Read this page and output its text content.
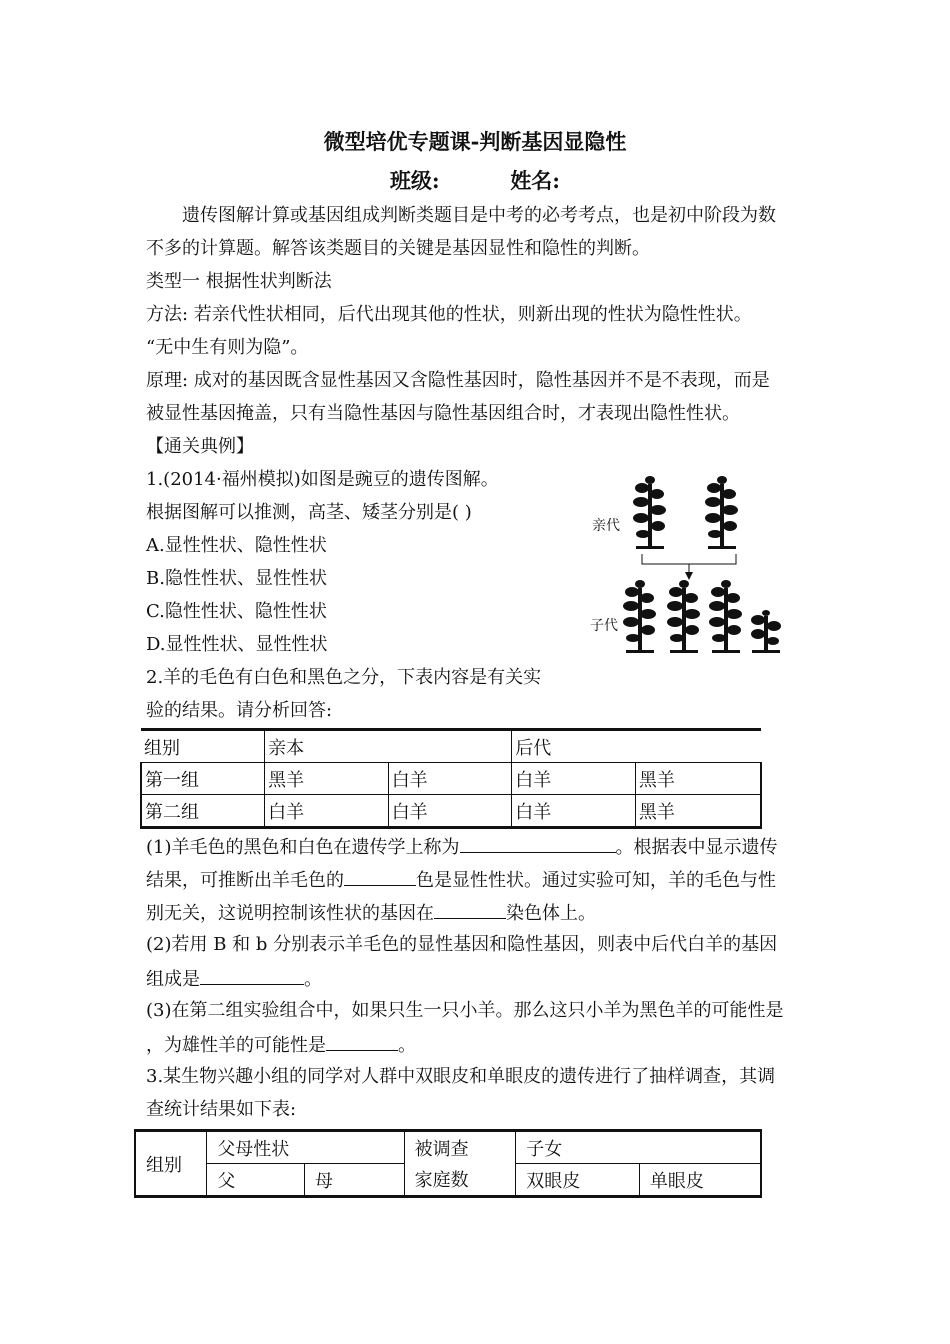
微型培优专题课-判断基因显隐性
班级:	姓名:
遗传图解计算或基因组成判断类题目是中考的必考考点，也是初中阶段为数
不多的计算题。解答该类题目的关键是基因显性和隐性的判断。
类型一 根据性状判断法
方法: 若亲代性状相同，后代出现其他的性状，则新出现的性状为隐性性状。
“无中生有则为隐”。
原理: 成对的基因既含显性基因又含隐性基因时，隐性基因并不是不表现，而是
被显性基因掩盖，只有当隐性基因与隐性基因组合时，才表现出隐性性状。
【通关典例】
1.(2014·福州模拟)如图是豌豆的遗传图解。
根据图解可以推测，高茎、矮茎分别是( )
A.显性性状、隐性性状
B.隐性性状、显性性状
C.隐性性状、隐性性状
D.显性性状、显性性状
亲代
子代
2.羊的毛色有白色和黑色之分，下表内容是有关实
验的结果。请分析回答:
组别	亲本		后代	
第一组	黑羊	白羊	白羊	黑羊
第二组	白羊	白羊	白羊	黑羊
(1)羊毛色的黑色和白色在遗传学上称为	。根据表中显示遗传
结果，可推断出羊毛色的	色是显性性状。通过实验可知，羊的毛色与性
别无关，这说明控制该性状的基因在	染色体上。
(2)若用 B 和 b 分别表示羊毛色的显性基因和隐性基因，则表中后代白羊的基因
组成是	。
(3)在第二组实验组合中，如果只生一只小羊。那么这只小羊为黑色羊的可能性是
，为雄性羊的可能性是	。
3.某生物兴趣小组的同学对人群中双眼皮和单眼皮的遗传进行了抽样调查，其调
查统计结果如下表:
组别	父母性状		被调查	子女	
	父	母	家庭数	双眼皮	单眼皮
